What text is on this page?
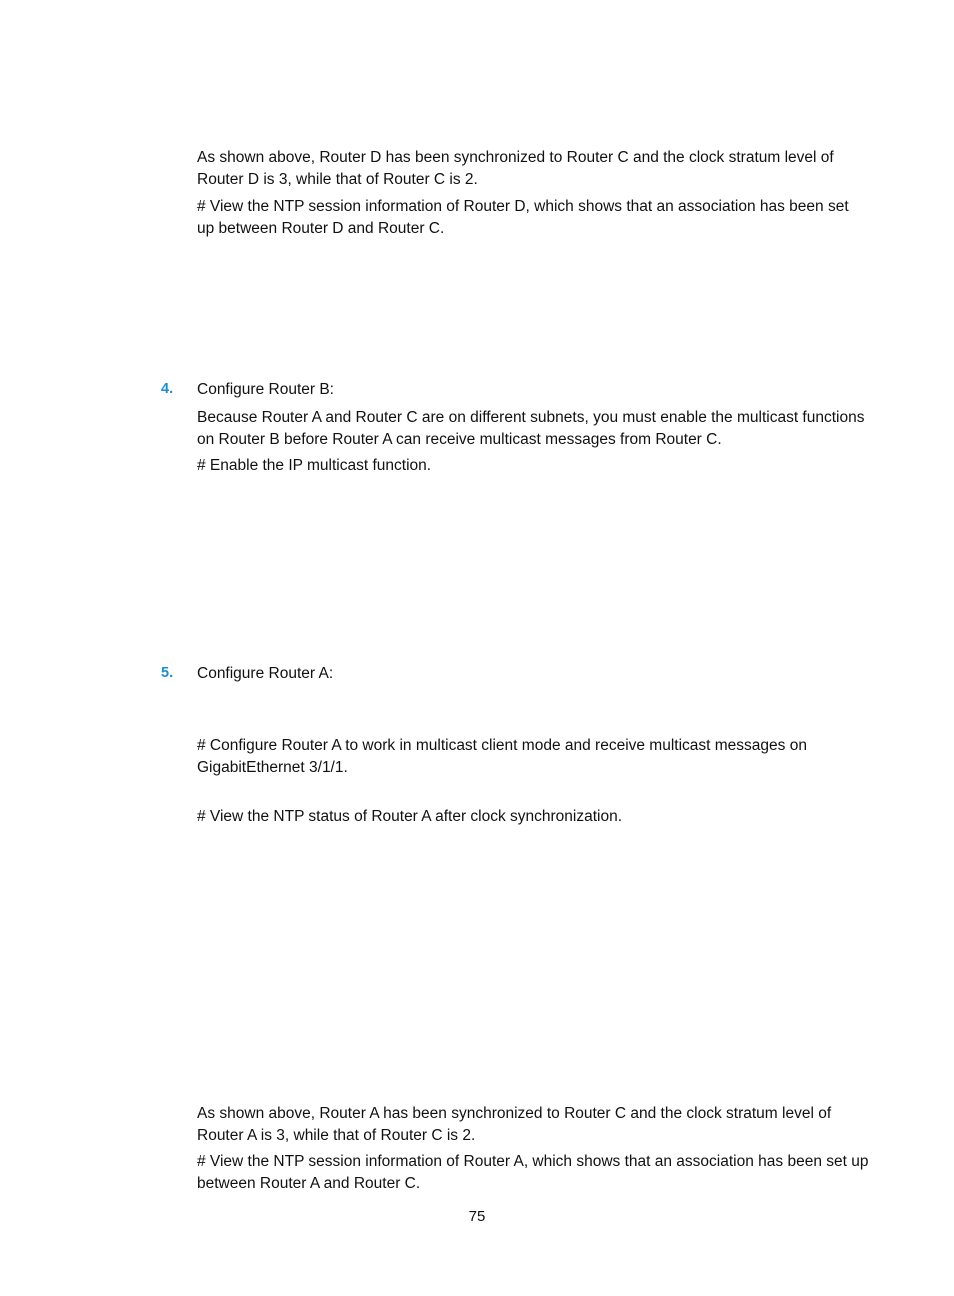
As shown above, Router D has been synchronized to Router C and the clock stratum level of Router D is 3, while that of Router C is 2.

# View the NTP session information of Router D, which shows that an association has been set up between Router D and Router C.

4. Configure Router B:

Because Router A and Router C are on different subnets, you must enable the multicast functions on Router B before Router A can receive multicast messages from Router C.

# Enable the IP multicast function.

5. Configure Router A:

# Configure Router A to work in multicast client mode and receive multicast messages on GigabitEthernet 3/1/1.

# View the NTP status of Router A after clock synchronization.

As shown above, Router A has been synchronized to Router C and the clock stratum level of Router A is 3, while that of Router C is 2.

# View the NTP session information of Router A, which shows that an association has been set up between Router A and Router C.

75
